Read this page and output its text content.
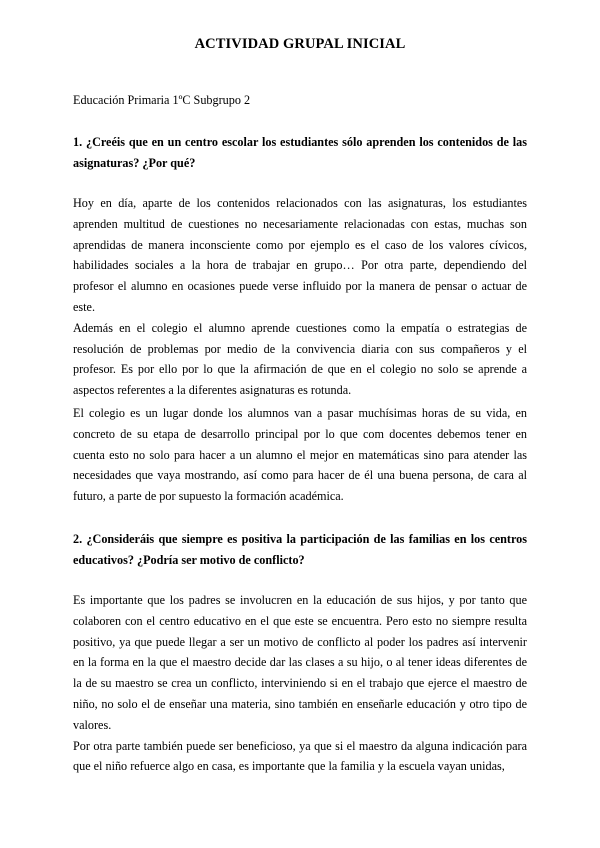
ACTIVIDAD GRUPAL INICIAL
Educación Primaria 1ºC Subgrupo 2
1. ¿Creéis que en un centro escolar los estudiantes sólo aprenden los contenidos de las asignaturas? ¿Por qué?

Hoy en día, aparte de los contenidos relacionados con las asignaturas, los estudiantes aprenden multitud de cuestiones no necesariamente relacionadas con estas, muchas son aprendidas de manera inconsciente como por ejemplo es el caso de los valores cívicos, habilidades sociales a la hora de trabajar en grupo… Por otra parte, dependiendo del profesor el alumno en ocasiones puede verse influido por la manera de pensar o actuar de este.

Además en el colegio el alumno aprende cuestiones como la empatía o estrategias de resolución de problemas por medio de la convivencia diaria con sus compañeros y el profesor. Es por ello por lo que la afirmación de que en el colegio no solo se aprende a aspectos referentes a la diferentes asignaturas es rotunda.

El colegio es un lugar donde los alumnos van a pasar muchísimas horas de su vida, en concreto de su etapa de desarrollo principal por lo que com docentes debemos tener en cuenta esto no solo para hacer a un alumno el mejor en matemáticas sino para atender las necesidades que vaya mostrando, así como para hacer de él una buena persona, de cara al futuro, a parte de por supuesto la formación académica.
2. ¿Consideráis que siempre es positiva la participación de las familias en los centros educativos? ¿Podría ser motivo de conflicto?

Es importante que los padres se involucren en la educación de sus hijos, y por tanto que colaboren con el centro educativo en el que este se encuentra. Pero esto no siempre resulta positivo, ya que puede llegar a ser un motivo de conflicto al poder los padres así intervenir en la forma en la que el maestro decide dar las clases a su hijo, o al tener ideas diferentes de la de su maestro se crea un conflicto, interviniendo si en el trabajo que ejerce el maestro de niño, no solo el de enseñar una materia, sino también en enseñarle educación y otro tipo de valores.

Por otra parte también puede ser beneficioso, ya que si el maestro da alguna indicación para que el niño refuerce algo en casa, es importante que la familia y la escuela vayan unidas,
